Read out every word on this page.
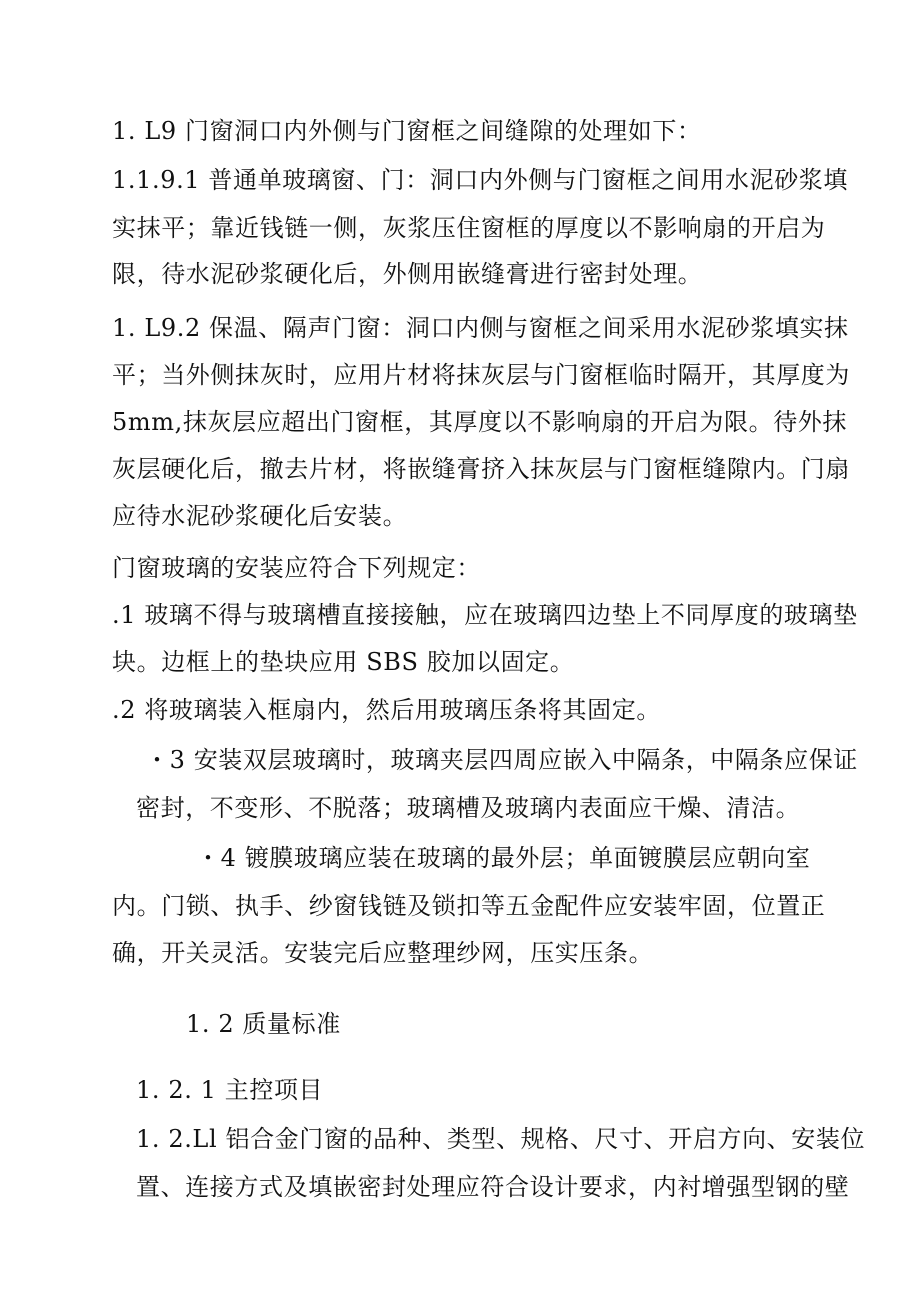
1. L9 门窗洞口内外侧与门窗框之间缝隙的处理如下：
1.1.9.1 普通单玻璃窗、门：洞口内外侧与门窗框之间用水泥砂浆填
实抹平；靠近钱链一侧，灰浆压住窗框的厚度以不影响扇的开启为
限，待水泥砂浆硬化后，外侧用嵌缝膏进行密封处理。
1. L9.2 保温、隔声门窗：洞口内侧与窗框之间采用水泥砂浆填实抹
平；当外侧抹灰时，应用片材将抹灰层与门窗框临时隔开，其厚度为
5mm,抹灰层应超出门窗框，其厚度以不影响扇的开启为限。待外抹
灰层硬化后，撤去片材，将嵌缝膏挤入抹灰层与门窗框缝隙内。门扇
应待水泥砂浆硬化后安装。
门窗玻璃的安装应符合下列规定：
.1 玻璃不得与玻璃槽直接接触，应在玻璃四边垫上不同厚度的玻璃垫
块。边框上的垫块应用 SBS 胶加以固定。
.2 将玻璃装入框扇内，然后用玻璃压条将其固定。
・3 安装双层玻璃时，玻璃夹层四周应嵌入中隔条，中隔条应保证
密封，不变形、不脱落；玻璃槽及玻璃内表面应干燥、清洁。
・4 镀膜玻璃应装在玻璃的最外层；单面镀膜层应朝向室
内。门锁、执手、纱窗钱链及锁扣等五金配件应安装牢固，位置正
确，开关灵活。安装完后应整理纱网，压实压条。
1. 2 质量标准
1. 2. 1 主控项目
1. 2.Ll 铝合金门窗的品种、类型、规格、尺寸、开启方向、安装位
置、连接方式及填嵌密封处理应符合设计要求，内衬增强型钢的壁
